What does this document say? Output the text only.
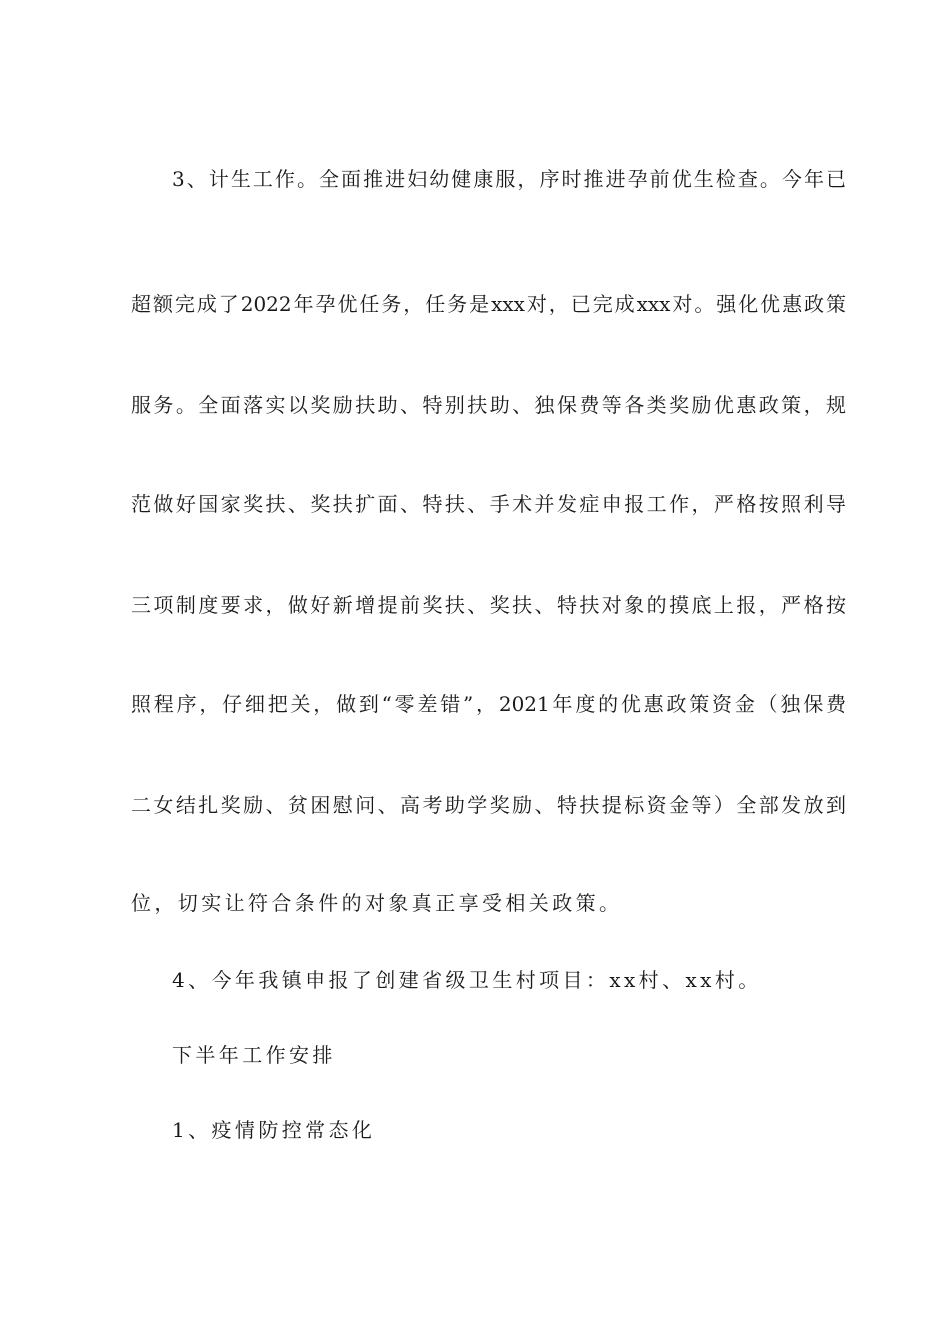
3、计生工作。全面推进妇幼健康服，序时推进孕前优生检查。今年已
超额完成了2022年孕优任务，任务是xxx对，已完成xxx对。强化优惠政策
服务。全面落实以奖励扶助、特别扶助、独保费等各类奖励优惠政策，规
范做好国家奖扶、奖扶扩面、特扶、手术并发症申报工作，严格按照利导
三项制度要求，做好新增提前奖扶、奖扶、特扶对象的摸底上报，严格按
照程序，仔细把关，做到“零差错”，2021年度的优惠政策资金（独保费
二女结扎奖励、贫困慰问、高考助学奖励、特扶提标资金等）全部发放到
位，切实让符合条件的对象真正享受相关政策。
4、今年我镇申报了创建省级卫生村项目：xx村、xx村。
下半年工作安排
1、疫情防控常态化
